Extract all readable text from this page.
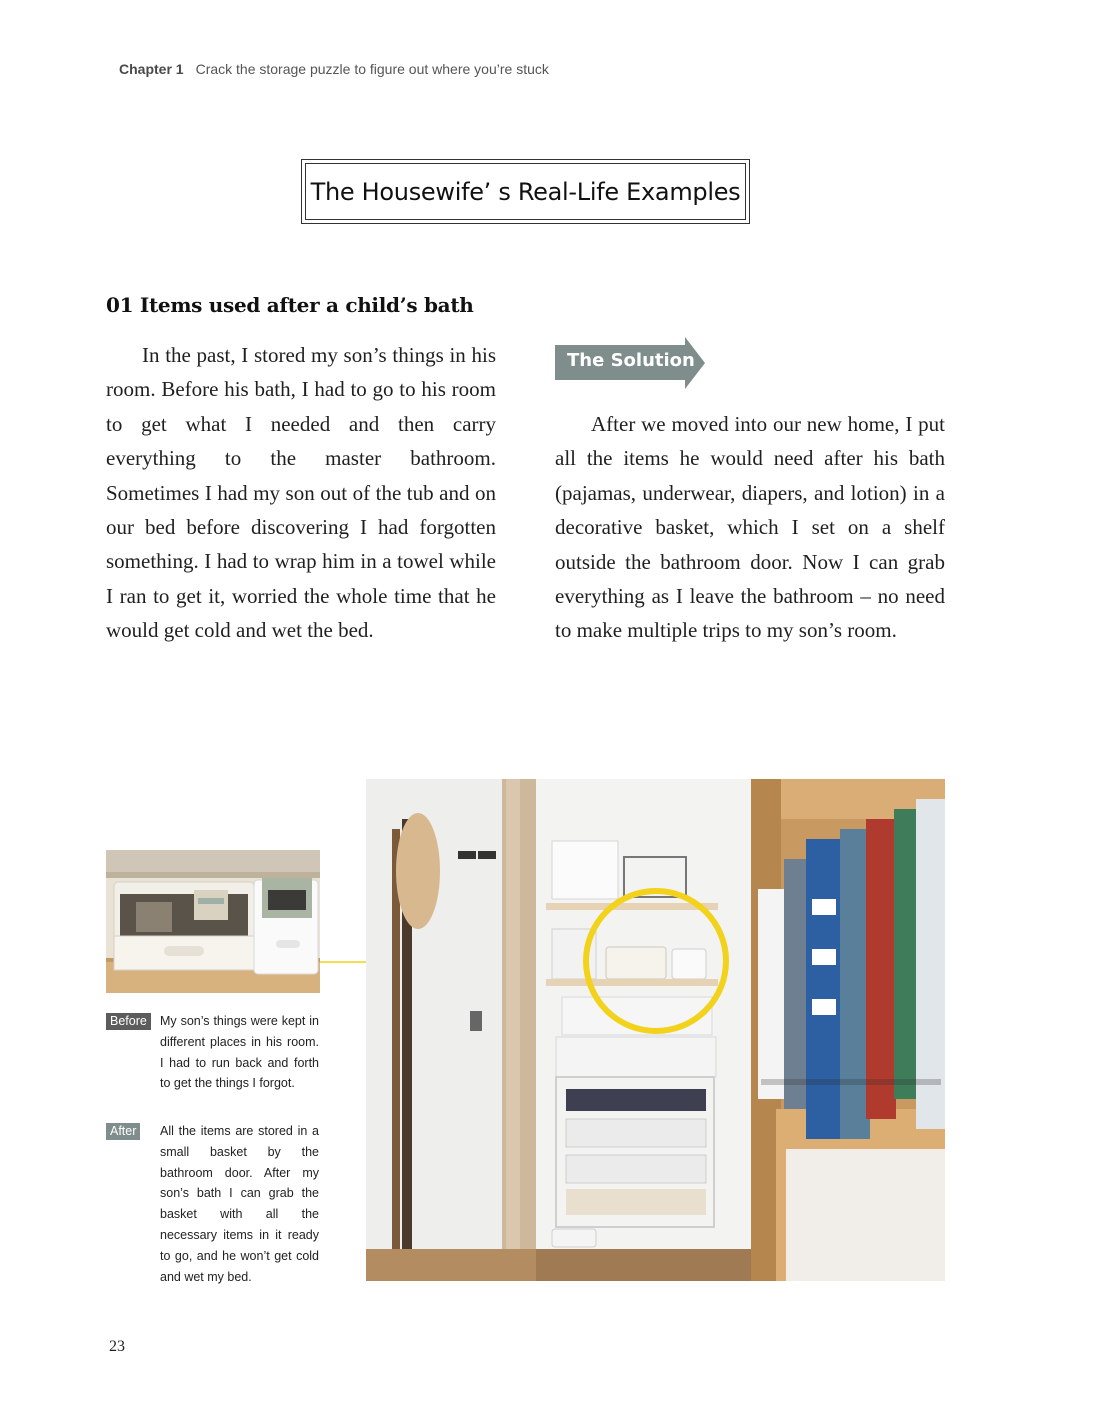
Chapter 1 Crack the storage puzzle to figure out where you’re stuck
The Housewife’ s Real-Life Examples
01 Items used after a child’s bath

In the past, I stored my son’s things in his room. Before his bath, I had to go to his room to get what I needed and then carry everything to the master bathroom. Sometimes I had my son out of the tub and on our bed before discovering I had forgotten something. I had to wrap him in a towel while I ran to get it, worried the whole time that he would get cold and wet the bed.

The Solution

After we moved into our new home, I put all the items he would need after his bath (pajamas, underwear, diapers, and lotion) in a decorative basket, which I set on a shelf outside the bathroom door. Now I can grab everything as I leave the bathroom – no need to make multiple trips to my son’s room.

Before	My son’s things were kept in different places in his room. I had to run back and forth to get the things I forgot.

After	All the items are stored in a small basket by the bathroom door. After my son’s bath I can grab the basket with all the necessary items in it ready to go, and he won’t get cold and wet my bed.

23
